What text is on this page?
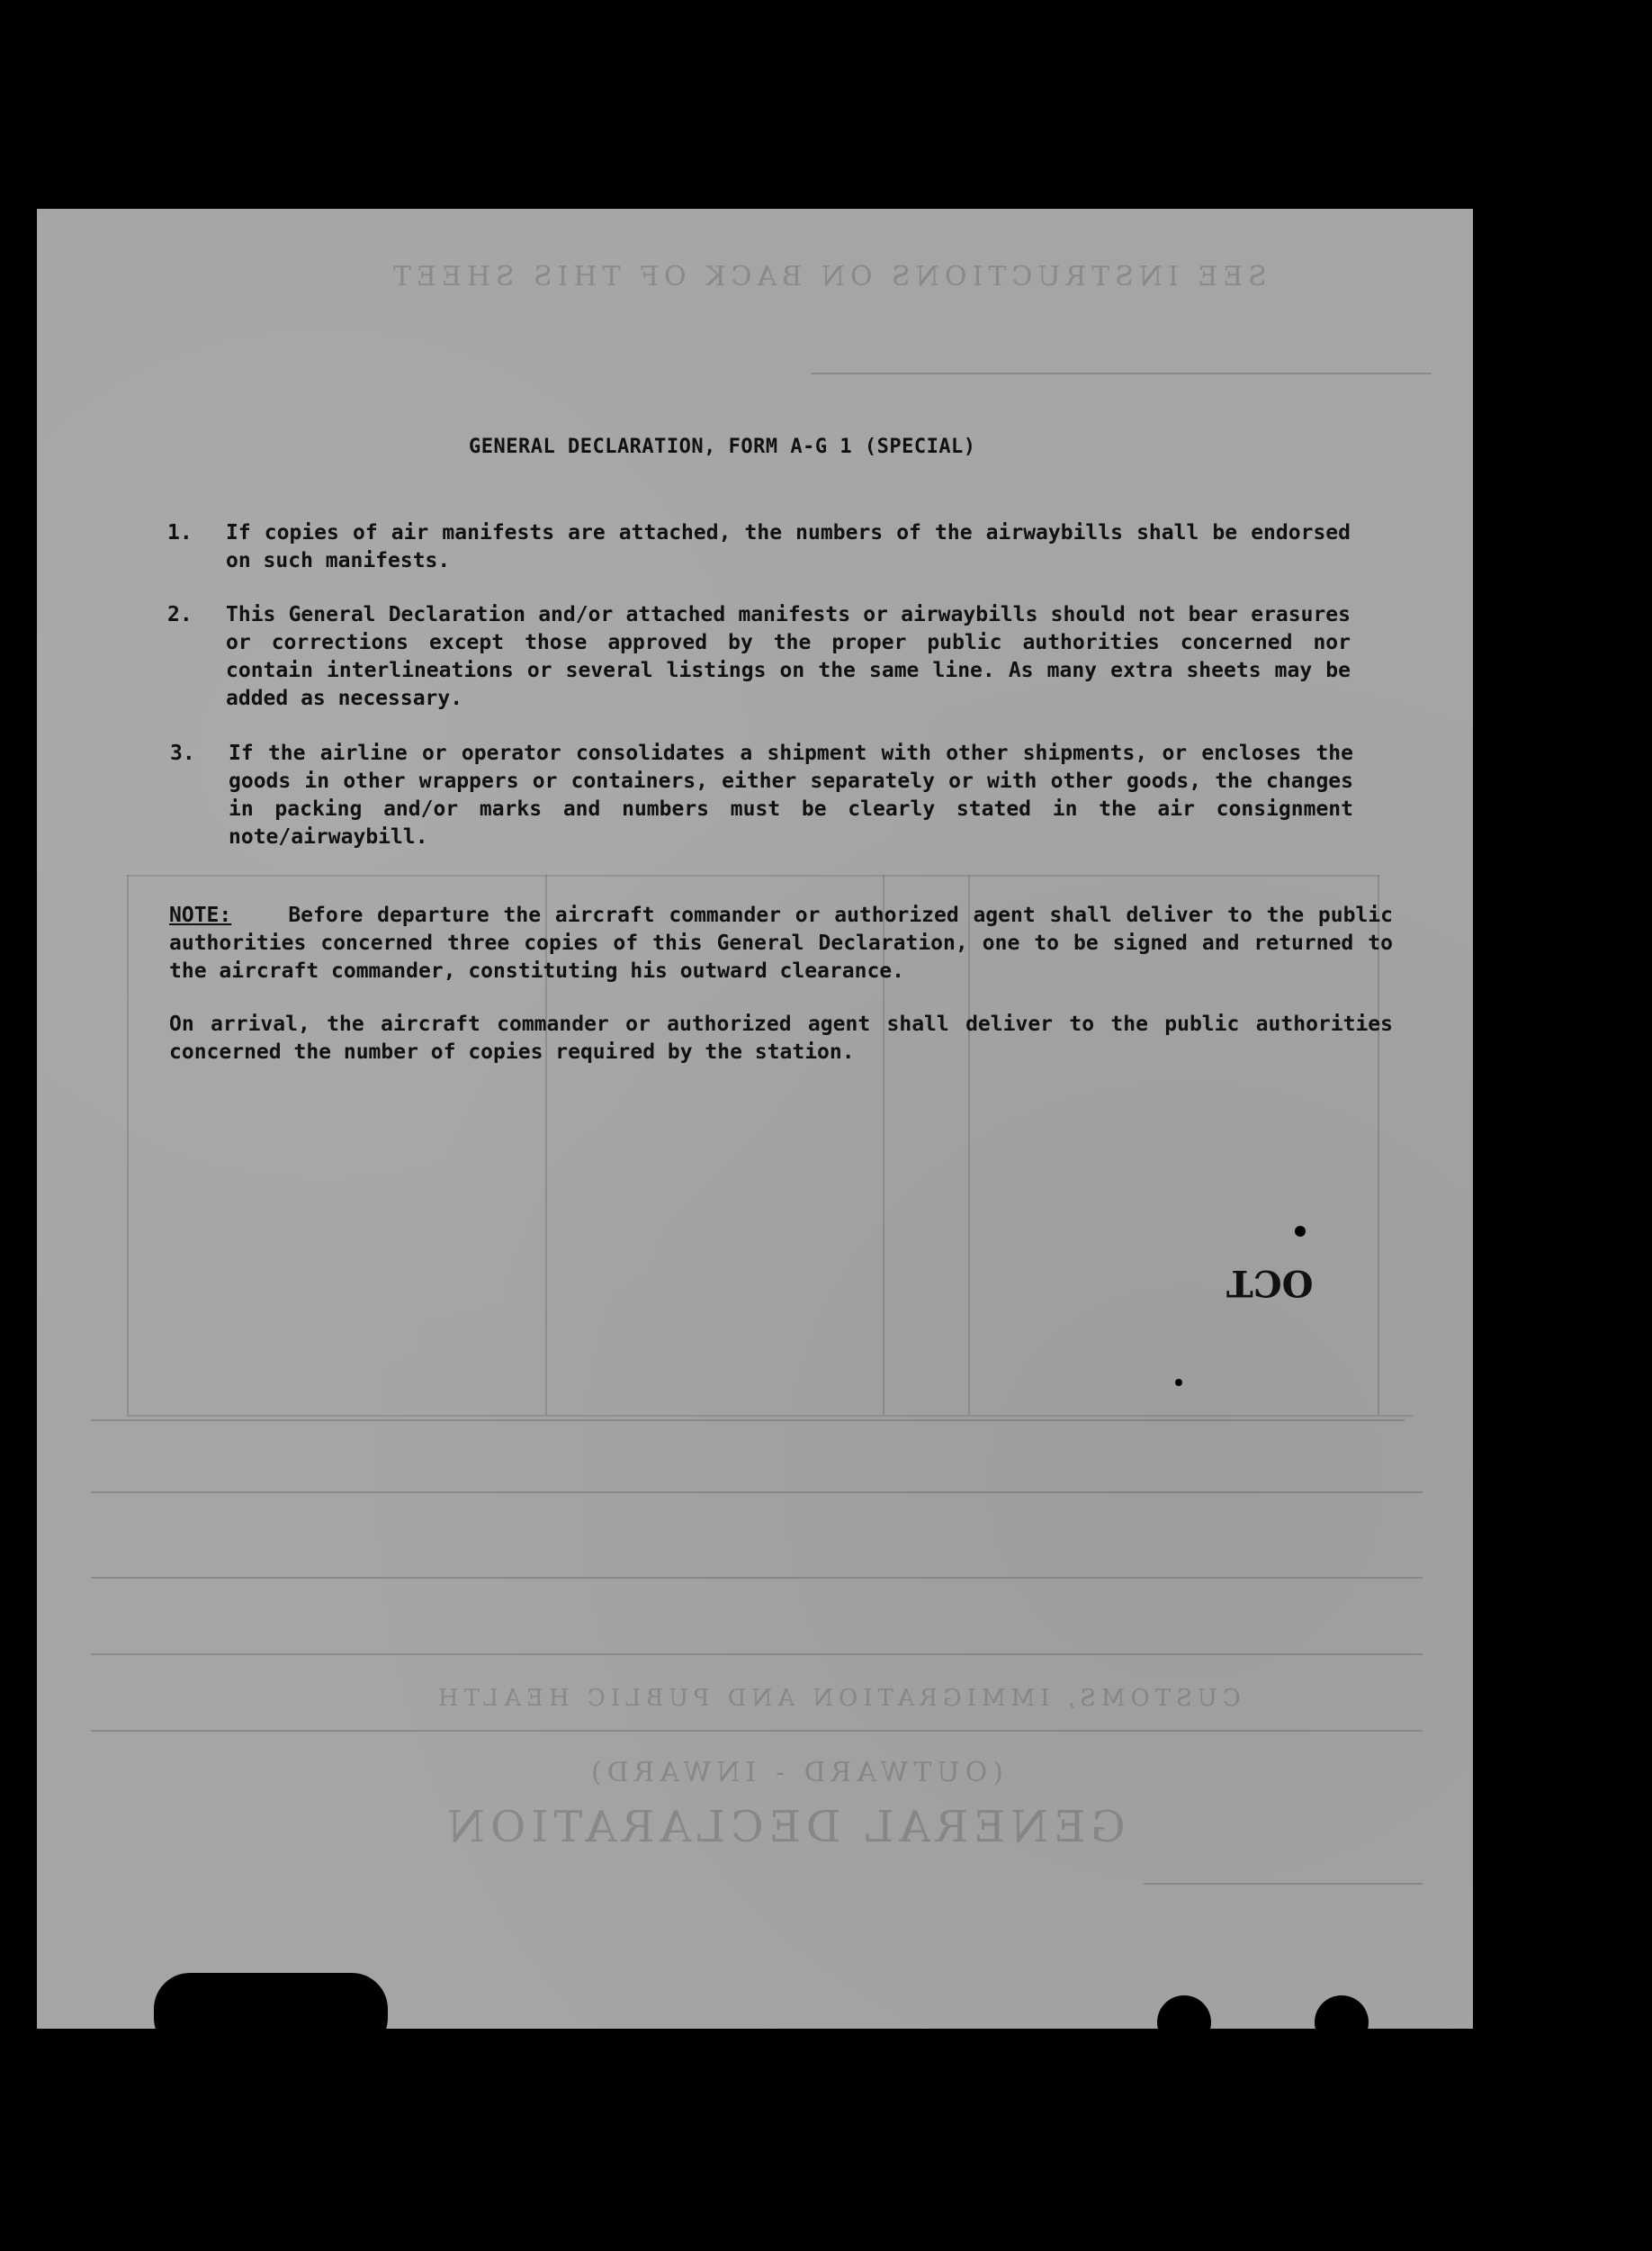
SEE INSTRUCTIONS ON BACK OF THIS SHEET
CUSTOMS, IMMIGRATION AND PUBLIC HEALTH
(OUTWARD - INWARD)
GENERAL DECLARATION
GENERAL DECLARATION, FORM A-G 1 (SPECIAL)
1. If copies of air manifests are attached, the numbers of the airwaybills shall be endorsed on such manifests.
2. This General Declaration and/or attached manifests or airwaybills should not bear erasures or corrections except those approved by the proper public authorities concerned nor contain interlineations or several listings on the same line. As many extra sheets may be added as necessary.
3. If the airline or operator consolidates a shipment with other shipments, or encloses the goods in other wrappers or containers, either separately or with other goods, the changes in packing and/or marks and numbers must be clearly stated in the air consignment note/airwaybill.
NOTE:	Before departure the aircraft commander or authorized agent shall deliver to the public authorities concerned three copies of this General Declaration, one to be signed and returned to the aircraft commander, constituting his outward clearance.
On arrival, the aircraft commander or authorized agent shall deliver to the public authorities concerned the number of copies required by the station.
OCT
